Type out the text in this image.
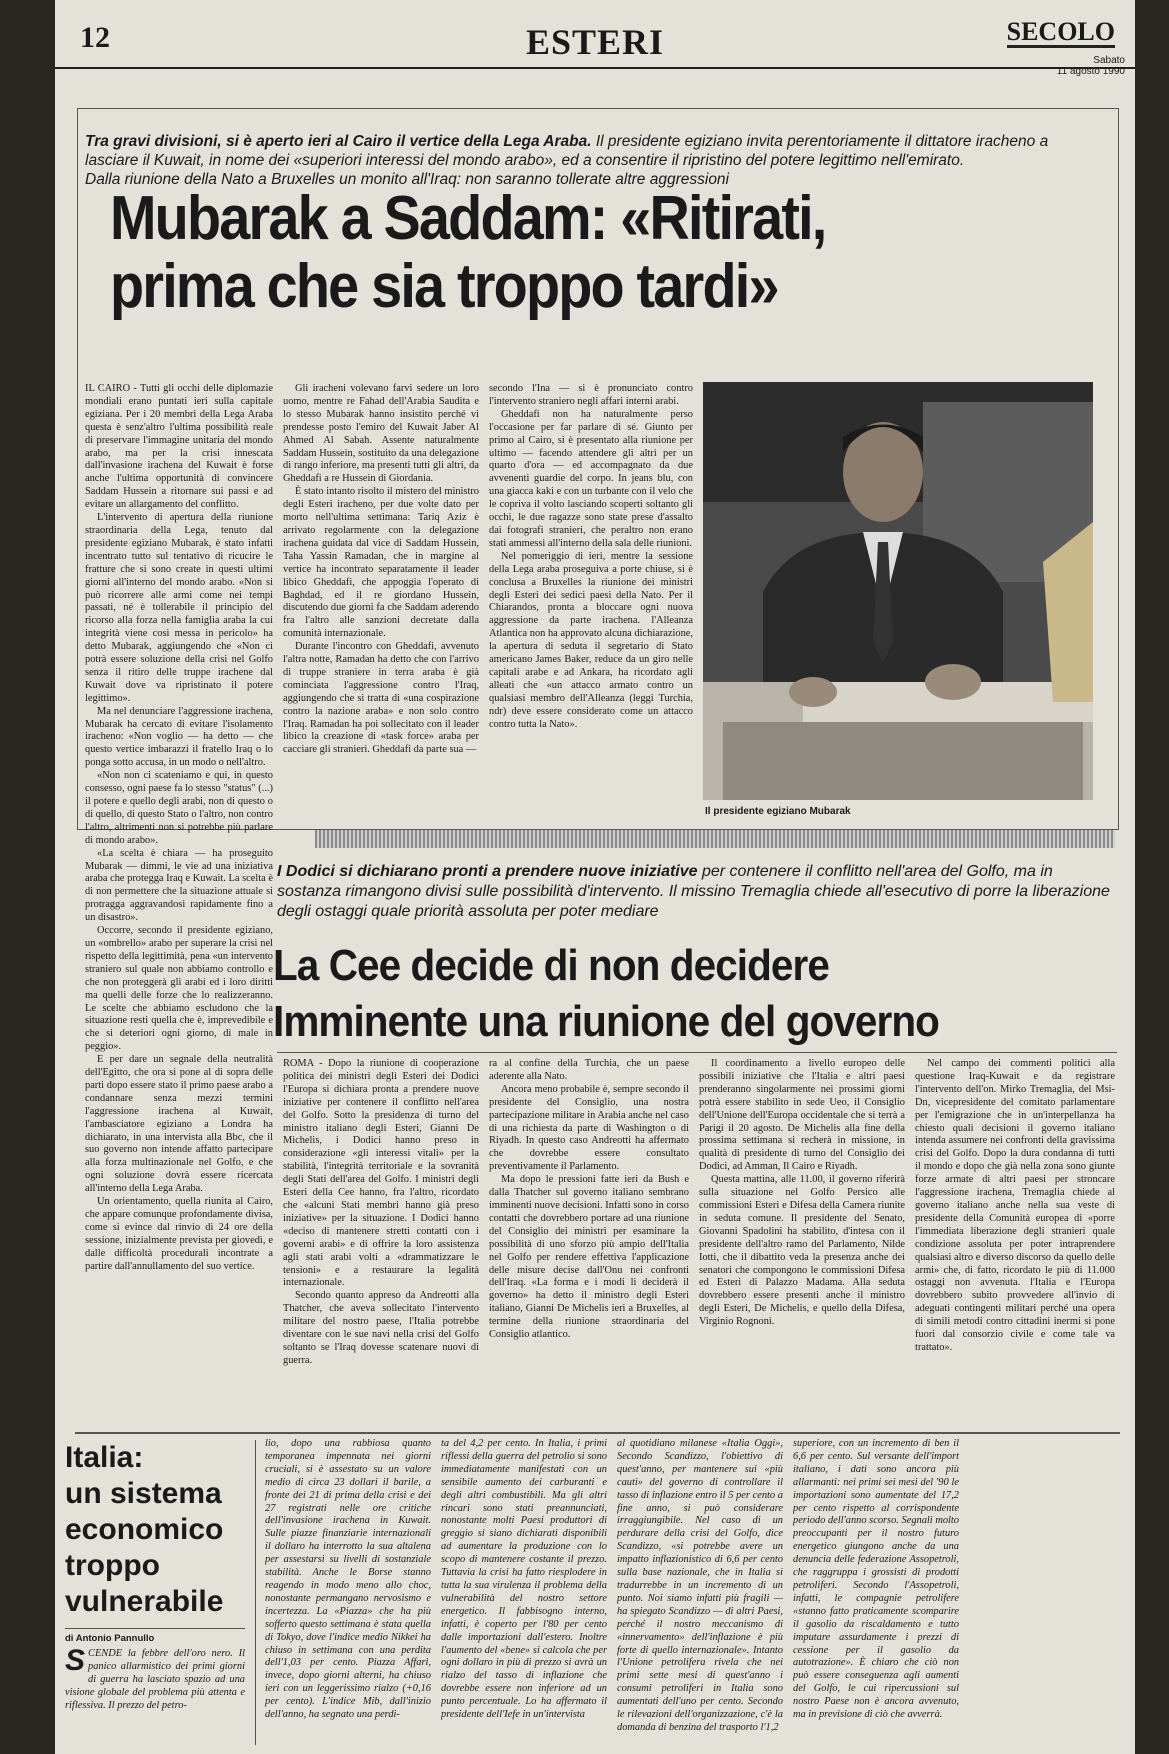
12	ESTERI	SECOLO
Sabato
11 agosto 1990
Tra gravi divisioni, si è aperto ieri al Cairo il vertice della Lega Araba. Il presidente egiziano invita perentoriamente il dittatore iracheno a lasciare il Kuwait, in nome dei «superiori interessi del mondo arabo», ed a consentire il ripristino del potere legittimo nell'emirato.
Dalla riunione della Nato a Bruxelles un monito all'Iraq: non saranno tollerate altre aggressioni
Mubarak a Saddam: «Ritirati,
prima che sia troppo tardi»

IL CAIRO - Tutti gli occhi delle diplomazie mondiali erano puntati ieri sulla capitale egiziana. Per i 20 membri della Lega Araba questa è senz'altro l'ultima possibilità reale di preservare l'immagine unitaria del mondo arabo, ma per la crisi innescata dall'invasione irachena del Kuwait è forse anche l'ultima opportunità di convincere Saddam Hussein a ritornare sui passi e ad evitare un allargamento del conflitto.

L'intervento di apertura della riunione straordinaria della Lega, tenuto dal presidente egiziano Mubarak, è stato infatti incentrato tutto sul tentativo di ricucire le fratture che si sono create in questi ultimi giorni all'interno del mondo arabo. «Non si può ricorrere alle armi come nei tempi passati, né è tollerabile il principio del ricorso alla forza nella famiglia araba la cui integrità viene così messa in pericolo» ha detto Mubarak, aggiungendo che «Non ci potrà essere soluzione della crisi nel Golfo senza il ritiro delle truppe irachene dal Kuwait dove va ripristinato il potere legittimo».

Ma nel denunciare l'aggressione irachena, Mubarak ha cercato di evitare l'isolamento iracheno: «Non voglio — ha detto — che questo vertice imbarazzi il fratello Iraq o lo ponga sotto accusa, in un modo o nell'altro.

«Non non ci scateniamo e qui, in questo consesso, ogni paese fa lo stesso "status" (...) il potere e quello degli arabi, non di questo o di quello, di questo Stato o l'altro, non contro l'altro, altrimenti non si potrebbe più parlare di mondo arabo».

«La scelta è chiara — ha proseguito Mubarak — dimmi, le vie ad una iniziativa araba che protegga Iraq e Kuwait. La scelta è di non permettere che la situazione attuale si protragga aggravandosi rapidamente fino a un disastro».

Occorre, secondo il presidente egiziano, un «ombrello» arabo per superare la crisi nel rispetto della legittimità, pena «un intervento straniero sul quale non abbiamo controllo e che non proteggerà gli arabi ed i loro diritti ma quelli delle forze che lo realizzeranno. Le scelte che abbiamo escludono che la situazione resti quella che è, imprevedibile e che si deteriori ogni giorno, di male in peggio».

E per dare un segnale della neutralità dell'Egitto, che ora si pone al di sopra delle parti dopo essere stato il primo paese arabo a condannare senza mezzi termini l'aggressione irachena al Kuwait, l'ambasciatore egiziano a Londra ha dichiarato, in una intervista alla Bbc, che il suo governo non intende affatto partecipare alla forza multinazionale nel Golfo, e che ogni soluzione dovrà essere ricercata all'interno della Lega Araba.

Un orientamento, quella riunita al Cairo, che appare comunque profondamente divisa, come si evince dal rinvio di 24 ore della sessione, inizialmente prevista per giovedì, e dalle difficoltà procedurali incontrate a partire dall'annullamento del suo vertice.

Gli iracheni volevano farvi sedere un loro uomo, mentre re Fahad dell'Arabia Saudita e lo stesso Mubarak hanno insistito perché vi prendesse posto l'emiro del Kuwait Jaber Al Ahmed Al Sabah. Assente naturalmente Saddam Hussein, sostituito da una delegazione di rango inferiore, ma presenti tutti gli altri, da Gheddafi a re Hussein di Giordania.

È stato intanto risolto il mistero del ministro degli Esteri iracheno, per due volte dato per morto nell'ultima settimana: Tariq Aziz è arrivato regolarmente con la delegazione irachena guidata dal vice di Saddam Hussein, Taha Yassin Ramadan, che in margine al vertice ha incontrato separatamente il leader libico Gheddafi, che appoggia l'operato di Baghdad, ed il re giordano Hussein, discutendo due giorni fa che Saddam aderendo fra l'altro alle sanzioni decretate dalla comunità internazionale.

Durante l'incontro con Gheddafi, avvenuto l'altra notte, Ramadan ha detto che con l'arrivo di truppe straniere in terra araba è già cominciata l'aggressione contro l'Iraq, aggiungendo che si tratta di «una cospirazione contro la nazione araba» e non solo contro l'Iraq. Ramadan ha poi sollecitato con il leader libico la creazione di «task force» araba per cacciare gli stranieri. Gheddafi da parte sua —

secondo l'Ina — si è pronunciato contro l'intervento straniero negli affari interni arabi.

Gheddafi non ha naturalmente perso l'occasione per far parlare di sé. Giunto per primo al Cairo, si è presentato alla riunione per ultimo — facendo attendere gli altri per un quarto d'ora — ed accompagnato da due avvenenti guardie del corpo. In jeans blu, con una giacca kaki e con un turbante con il velo che le copriva il volto lasciando scoperti soltanto gli occhi, le due ragazze sono state prese d'assalto dai fotografi stranieri, che peraltro non erano stati ammessi all'interno della sala delle riunioni.

Nel pomeriggio di ieri, mentre la sessione della Lega araba proseguiva a porte chiuse, si è conclusa a Bruxelles la riunione dei ministri degli Esteri dei sedici paesi della Nato. Per il Chiarandos, pronta a bloccare ogni nuova aggressione da parte irachena. l'Alleanza Atlantica non ha approvato alcuna dichiarazione, la apertura di seduta il segretario di Stato americano James Baker, reduce da un giro nelle capitali arabe e ad Ankara, ha ricordato agli alleati che «un attacco armato contro un qualsiasi membro dell'Alleanza (leggi Turchia, ndr) deve essere considerato come un attacco contro tutta la Nato».

Il presidente egiziano Mubarak
I Dodici si dichiarano pronti a prendere nuove iniziative per contenere il conflitto nell'area del Golfo, ma in sostanza rimangono divisi sulle possibilità d'intervento. Il missino Tremaglia chiede all'esecutivo di porre la liberazione degli ostaggi quale priorità assoluta per poter mediare
La Cee decide di non decidere
Imminente una riunione del governo

ROMA - Dopo la riunione di cooperazione politica dei ministri degli Esteri dei Dodici l'Europa si dichiara pronta a prendere nuove iniziative per contenere il conflitto nell'area del Golfo. Sotto la presidenza di turno del ministro italiano degli Esteri, Gianni De Michelis, i Dodici hanno preso in considerazione «gli interessi vitali» per la stabilità, l'integrità territoriale e la sovranità degli Stati dell'area del Golfo. I ministri degli Esteri della Cee hanno, fra l'altro, ricordato che «alcuni Stati membri hanno già preso iniziative» per la situazione. I Dodici hanno «deciso di mantenere stretti contatti con i governi arabi» e di offrire la loro assistenza agli stati arabi volti a «drammatizzare le tensioni» e a restaurare la legalità internazionale.

Secondo quanto appreso da Andreotti alla Thatcher, che aveva sollecitato l'intervento militare del nostro paese, l'Italia potrebbe diventare con le sue navi nella crisi del Golfo soltanto se l'Iraq dovesse scatenare nuovi di guerra.

ra al confine della Turchia, che un paese aderente alla Nato.

Ancora meno probabile è, sempre secondo il presidente del Consiglio, una nostra partecipazione militare in Arabia anche nel caso di una richiesta da parte di Washington o di Riyadh. In questo caso Andreotti ha affermato che dovrebbe essere consultato preventivamente il Parlamento.

Ma dopo le pressioni fatte ieri da Bush e dalla Thatcher sul governo italiano sembrano imminenti nuove decisioni. Infatti sono in corso contatti che dovrebbero portare ad una riunione del Consiglio dei ministri per esaminare la possibilità di uno sforzo più ampio dell'Italia nel Golfo per rendere effettiva l'applicazione delle misure decise dall'Onu nei confronti dell'Iraq. «La forma e i modi li deciderà il governo» ha detto il ministro degli Esteri italiano, Gianni De Michelis ieri a Bruxelles, al termine della riunione straordinaria del Consiglio atlantico.

Il coordinamento a livello europeo delle possibili iniziative che l'Italia e altri paesi prenderanno singolarmente nei prossimi giorni potrà essere stabilito in sede Ueo, il Consiglio dell'Unione dell'Europa occidentale che si terrà a Parigi il 20 agosto. De Michelis alla fine della prossima settimana si recherà in missione, in qualità di presidente di turno del Consiglio dei Dodici, ad Amman, Il Cairo e Riyadh.

Questa mattina, alle 11.00, il governo riferirà sulla situazione nel Golfo Persico alle commissioni Esteri e Difesa della Camera riunite in seduta comune. Il presidente del Senato, Giovanni Spadolini ha stabilito, d'intesa con il presidente dell'altro ramo del Parlamento, Nilde Iotti, che il dibattito veda la presenza anche dei senatori che compongono le commissioni Difesa ed Esteri di Palazzo Madama. Alla seduta dovrebbero essere presenti anche il ministro degli Esteri, De Michelis, e quello della Difesa, Virginio Rognoni.

Nel campo dei commenti politici alla questione Iraq-Kuwait e da registrare l'intervento dell'on. Mirko Tremaglia, del Msi-Dn, vicepresidente del comitato parlamentare per l'emigrazione che in un'interpellanza ha chiesto quali decisioni il governo italiano intenda assumere nei confronti della gravissima crisi del Golfo. Dopo la dura condanna di tutti il mondo e dopo che già nella zona sono giunte forze armate di altri paesi per stroncare l'aggressione irachena, Tremaglia chiede al governo italiano anche nella sua veste di presidente della Comunità europea di «porre l'immediata liberazione degli stranieri quale condizione assoluta per poter intraprendere qualsiasi altro e diverso discorso da quello delle armi» che, di fatto, ricordato le più di 11.000 ostaggi non avvenuta. l'Italia e l'Europa dovrebbero subito provvedere all'invio di adeguati contingenti militari perché una opera di simili metodi contro cittadini inermi si pone fuori dal consorzio civile e come tale va trattato».

Italia:
un sistema
economico
troppo
vulnerabile
di Antonio Pannullo
SCENDE la febbre dell'oro nero. Il panico allarmistico dei primi giorni di guerra ha lasciato spazio ad una visione globale del problema più attenta e riflessiva. Il prezzo del petro-
lio, dopo una rabbiosa quanto temporanea impennata nei giorni cruciali, si è assestato su un valore medio di circa 23 dollari il barile, a fronte dei 21 di prima della crisi e dei 27 registrati nelle ore critiche dell'invasione irachena in Kuwait. Sulle piazze finanziarie internazionali il dollaro ha interrotto la sua altalena per assestarsi su livelli di sostanziale stabilità. Anche le Borse stanno reagendo in modo meno allo choc, nonostante permangano nervosismo e incertezza. La «Piazza» che ha più sofferto questo settimana è stata quella di Tokyo, dove l'indice medio Nikkei ha chiuso in settimana con una perdita dell'1,03 per cento. Piazza Affari, invece, dopo giorni alterni, ha chiuso ieri con un leggerissimo rialzo (+0,16 per cento). L'indice Mib, dall'inizio dell'anno, ha segnato una perdi-
ta del 4,2 per cento. In Italia, i primi riflessi della guerra del petrolio si sono immediatamente manifestati con un sensibile aumento dei carburanti e degli altri combustibili. Ma gli altri rincari sono stati preannunciati, nonostante molti Paesi produttori di greggio si siano dichiarati disponibili ad aumentare la produzione con lo scopo di mantenere costante il prezzo. Tuttavia la crisi ha fatto riesplodere in tutta la sua virulenza il problema della vulnerabilità del nostro settore energetico. Il fabbisogno interno, infatti, è coperto per l'80 per cento dalle importazioni dall'estero. Inoltre l'aumento del «bene» si calcola che per ogni dollaro in più di prezzo si avrà un rialzo del tasso di inflazione che dovrebbe essere non inferiore ad un punto percentuale. Lo ha affermato il presidente dell'Iefe in un'intervista
al quotidiano milanese «Italia Oggi», Secondo Scandizzo, l'obiettivo di quest'anno, per mantenere sui «più cauti» del governo di controllare il tasso di inflazione entro il 5 per cento a fine anno, si può considerare irraggiungibile. Nel caso di un perdurare della crisi del Golfo, dice Scandizzo, «si potrebbe avere un impatto inflazionistico di 6,6 per cento sulla base nazionale, che in Italia si tradurrebbe in un incremento di un punto. Noi siamo infatti più fragili — ha spiegato Scandizzo — di altri Paesi, perché il nostro meccanismo di «innervamento» dell'inflazione è più forte di quello internazionale». Intanto l'Unione petrolifera rivela che nei primi sette mesi di quest'anno i consumi petroliferi in Italia sono aumentati dell'uno per cento. Secondo le rilevazioni dell'organizzazione, c'è la domanda di benzina del trasporto l'1,2
superiore, con un incremento di ben il 6,6 per cento. Sul versante dell'import italiano, i dati sono ancora più allarmanti: nei primi sei mesi del '90 le importazioni sono aumentate del 17,2 per cento rispetto al corrispondente periodo dell'anno scorso. Segnali molto preoccupanti per il nostro futuro energetico giungono anche da una denuncia delle federazione Assopetroli, che raggruppa i grossisti di prodotti petroliferi. Secondo l'Assopetroli, infatti, le compagnie petrolifere «stanno fatto praticamente scomparire il gasolio da riscaldamento e tutto imputare assurdamente i prezzi di cessione per il gasolio da autotrazione». È chiaro che ciò non può essere conseguenza agli aumenti del Golfo, le cui ripercussioni sul nostro Paese non è ancora avvenuto, ma in previsione di ciò che avverrà.
